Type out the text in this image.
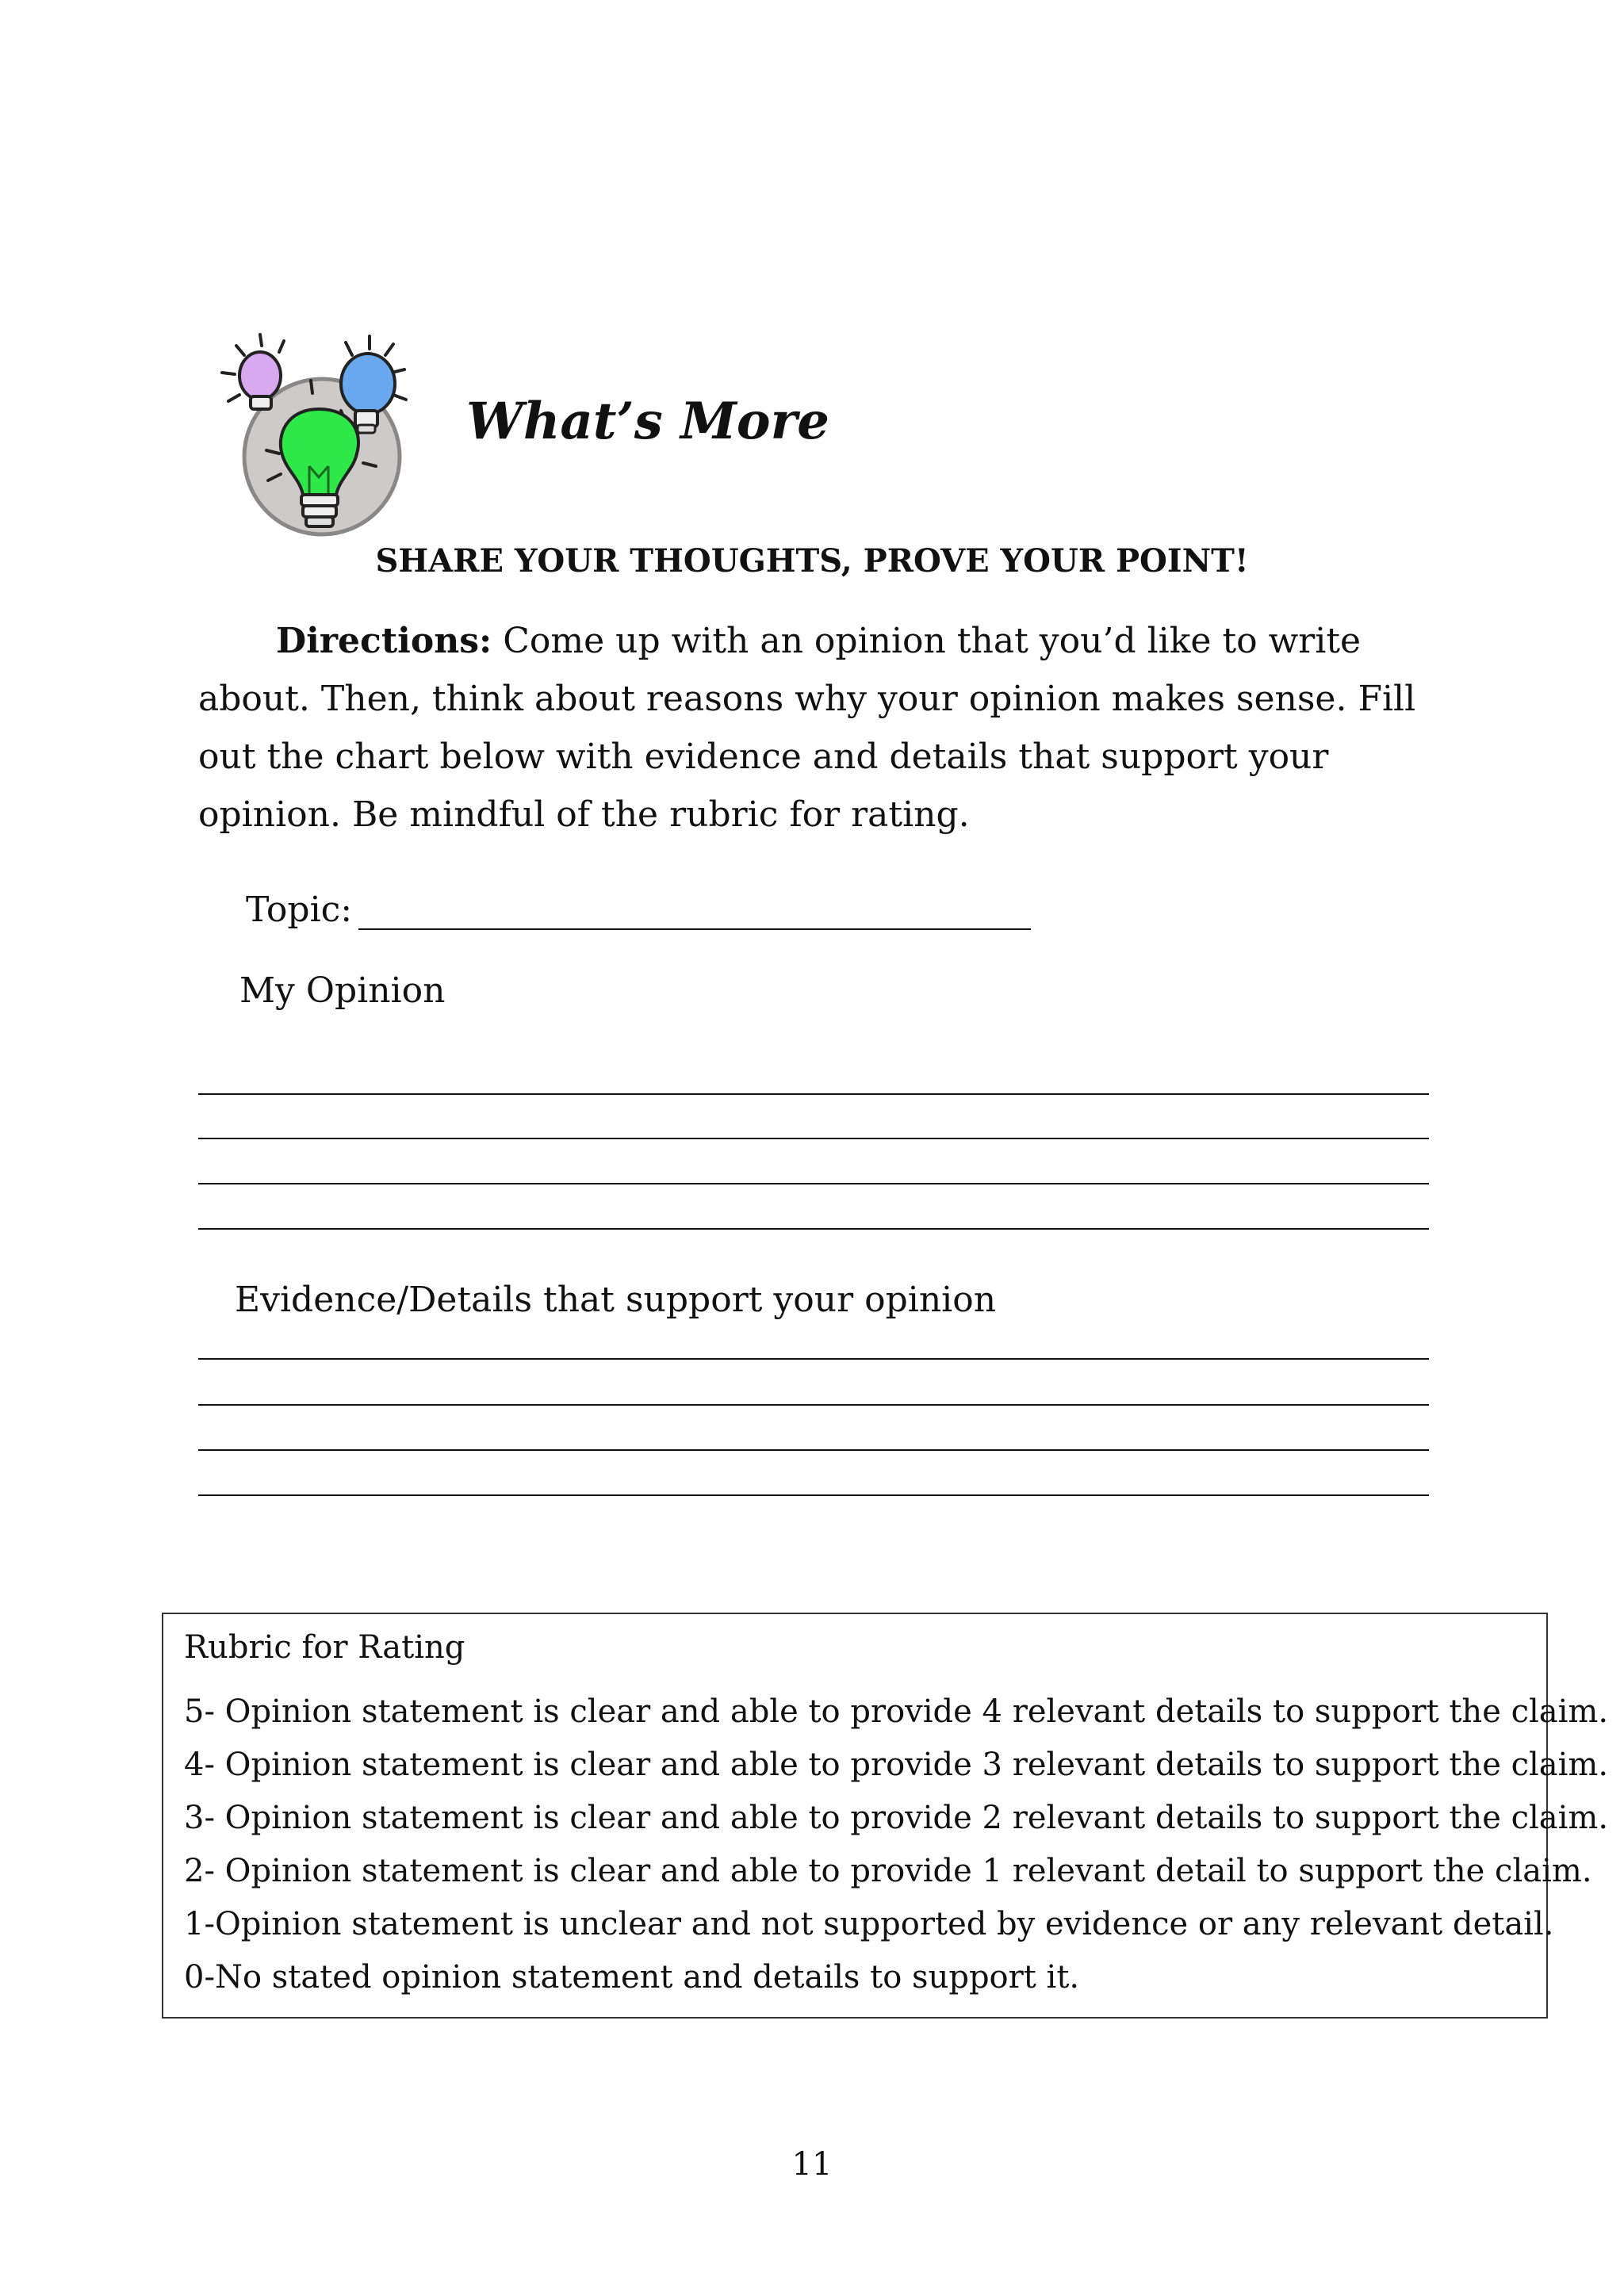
What’s More
SHARE YOUR THOUGHTS, PROVE YOUR POINT!

Directions: Come up with an opinion that you’d like to write about. Then, think about reasons why your opinion makes sense. Fill out the chart below with evidence and details that support your opinion. Be mindful of the rubric for rating.

Topic:
My Opinion
Evidence/Details that support your opinion
Rubric for Rating
5- Opinion statement is clear and able to provide 4 relevant details to support the claim.
4- Opinion statement is clear and able to provide 3 relevant details to support the claim.
3- Opinion statement is clear and able to provide 2 relevant details to support the claim.
2- Opinion statement is clear and able to provide 1 relevant detail to support the claim.
1-Opinion statement is unclear and not supported by evidence or any relevant detail.
0-No stated opinion statement and details to support it.
11
